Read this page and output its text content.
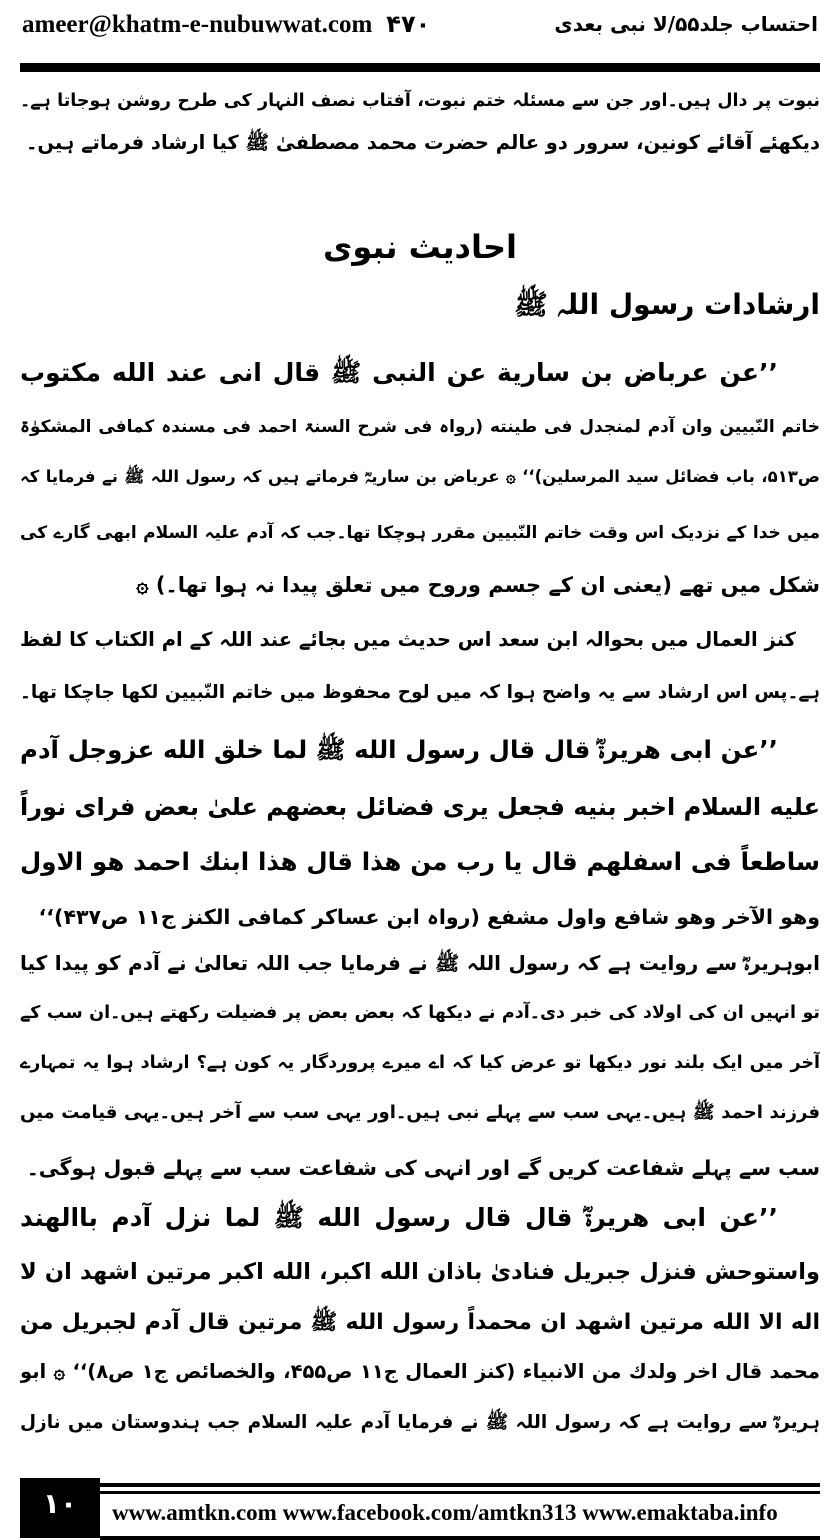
ameer@khatm-e-nubuwwat.com ۴۷۰	احتساب جلد۵۵/لا نبی بعدی
نبوت پر دال ہیں۔اور جن سے مسئلہ ختم نبوت، آفتاب نصف النہار کی طرح روشن ہوجاتا ہے۔
دیکھئے آقائے کونین، سرور دو عالم حضرت محمد مصطفیٰ ﷺ کیا ارشاد فرماتے ہیں۔
احادیث نبوی
ارشادات رسول اللہ ﷺ
’’عن عرباض بن سارية عن النبی ﷺ قال انی عند الله مكتوب
خاتم النّبیین وان آدم لمنجدل فی طینته (رواہ فی شرح السنۃ احمد فی مسندہ کمافی المشکوٰۃ
ص۵۱۳، باب فضائل سید المرسلین)‘‘ ۞ عرباض بن ساریہؓ فرماتے ہیں کہ رسول اللہ ﷺ نے فرمایا کہ
میں خدا کے نزدیک اس وقت خاتم النّبیین مقرر ہوچکا تھا۔جب کہ آدم علیہ السلام ابھی گارے کی
شکل میں تھے (یعنی ان کے جسم وروح میں تعلق پیدا نہ ہوا تھا۔) ۞
کنز العمال میں بحوالہ ابن سعد اس حدیث میں بجائے عند اللہ کے ام الکتاب کا لفظ
ہے۔پس اس ارشاد سے یہ واضح ہوا کہ میں لوح محفوظ میں خاتم النّبیین لکھا جاچکا تھا۔
’’عن ابی هریرةؓ قال قال رسول الله ﷺ لما خلق الله عزوجل آدم
علیه السلام اخبر بنیه فجعل یری فضائل بعضهم علیٰ بعض فرای نوراً
ساطعاً فی اسفلهم قال یا رب من هذا قال هذا ابنك احمد هو الاول
وهو الآخر وهو شافع واول مشفع (رواہ ابن عساکر کمافی الکنز ج۱۱ ص۴۳۷)‘‘
ابوہریرہؓ سے روایت ہے کہ رسول اللہ ﷺ نے فرمایا جب اللہ تعالیٰ نے آدم کو پیدا کیا
تو انہیں ان کی اولاد کی خبر دی۔آدم نے دیکھا کہ بعض بعض پر فضیلت رکھتے ہیں۔ان سب کے
آخر میں ایک بلند نور دیکھا تو عرض کیا کہ اے میرے پروردگار یہ کون ہے؟ ارشاد ہوا یہ تمہارے
فرزند احمد ﷺ ہیں۔یہی سب سے پہلے نبی ہیں۔اور یہی سب سے آخر ہیں۔یہی قیامت میں
سب سے پہلے شفاعت کریں گے اور انہی کی شفاعت سب سے پہلے قبول ہوگی۔
’’عن ابی هریرةؓ قال قال رسول الله ﷺ لما نزل آدم باالهند
واستوحش فنزل جبریل فنادیٰ باذان الله اكبر، الله اكبر مرتین اشهد ان لا
اله الا الله مرتین اشهد ان محمداً رسول الله ﷺ مرتین قال آدم لجبریل من
محمد قال اخر ولدك من الانبیاء (کنز العمال ج۱۱ ص۴۵۵، والخصائص ج۱ ص۸)‘‘ ۞ ابو
ہریرہؓ سے روایت ہے کہ رسول اللہ ﷺ نے فرمایا آدم علیہ السلام جب ہندوستان میں نازل
۱۰	www.amtkn.com www.facebook.com/amtkn313 www.emaktaba.info
